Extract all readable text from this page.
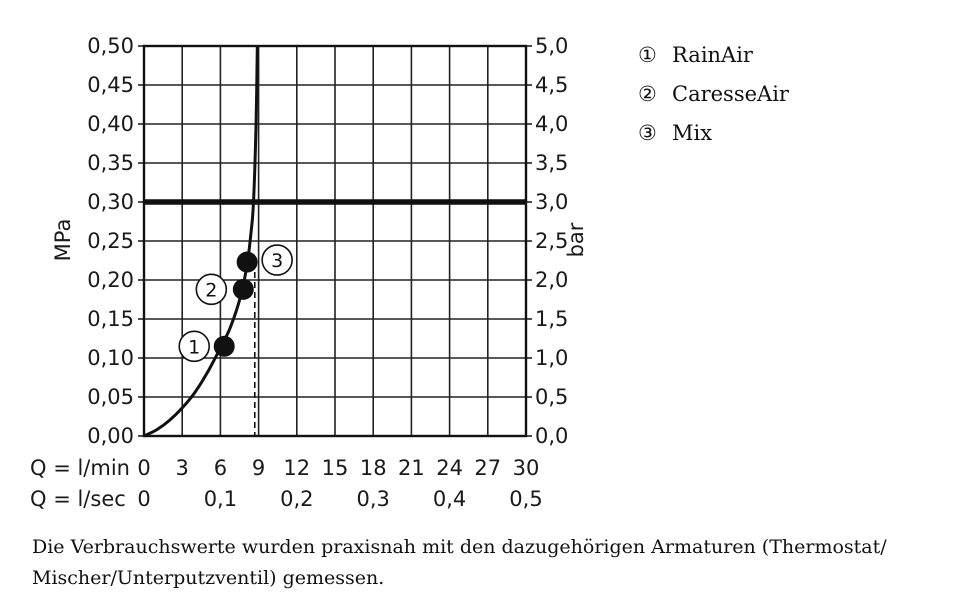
0,00
0,05
0,10
0,15
0,20
0,25
0,30
0,35
0,40
0,45
0,50
0,0
0,5
1,0
1,5
2,0
2,5
3,0
3,5
4,0
4,5
5,0
0 3 6 9 12 15 18 21 24 27 30
0	0,1 0,2 0,3 0,4 0,5
1
2
3
Q = l/min
Q = l/sec
MPa	bar
① RainAir
② CaresseAir
③ Mix
Die Verbrauchswerte wurden praxisnah mit den dazugehörigen Armaturen (Thermostat/ Mischer/Unterputzventil) gemessen.
